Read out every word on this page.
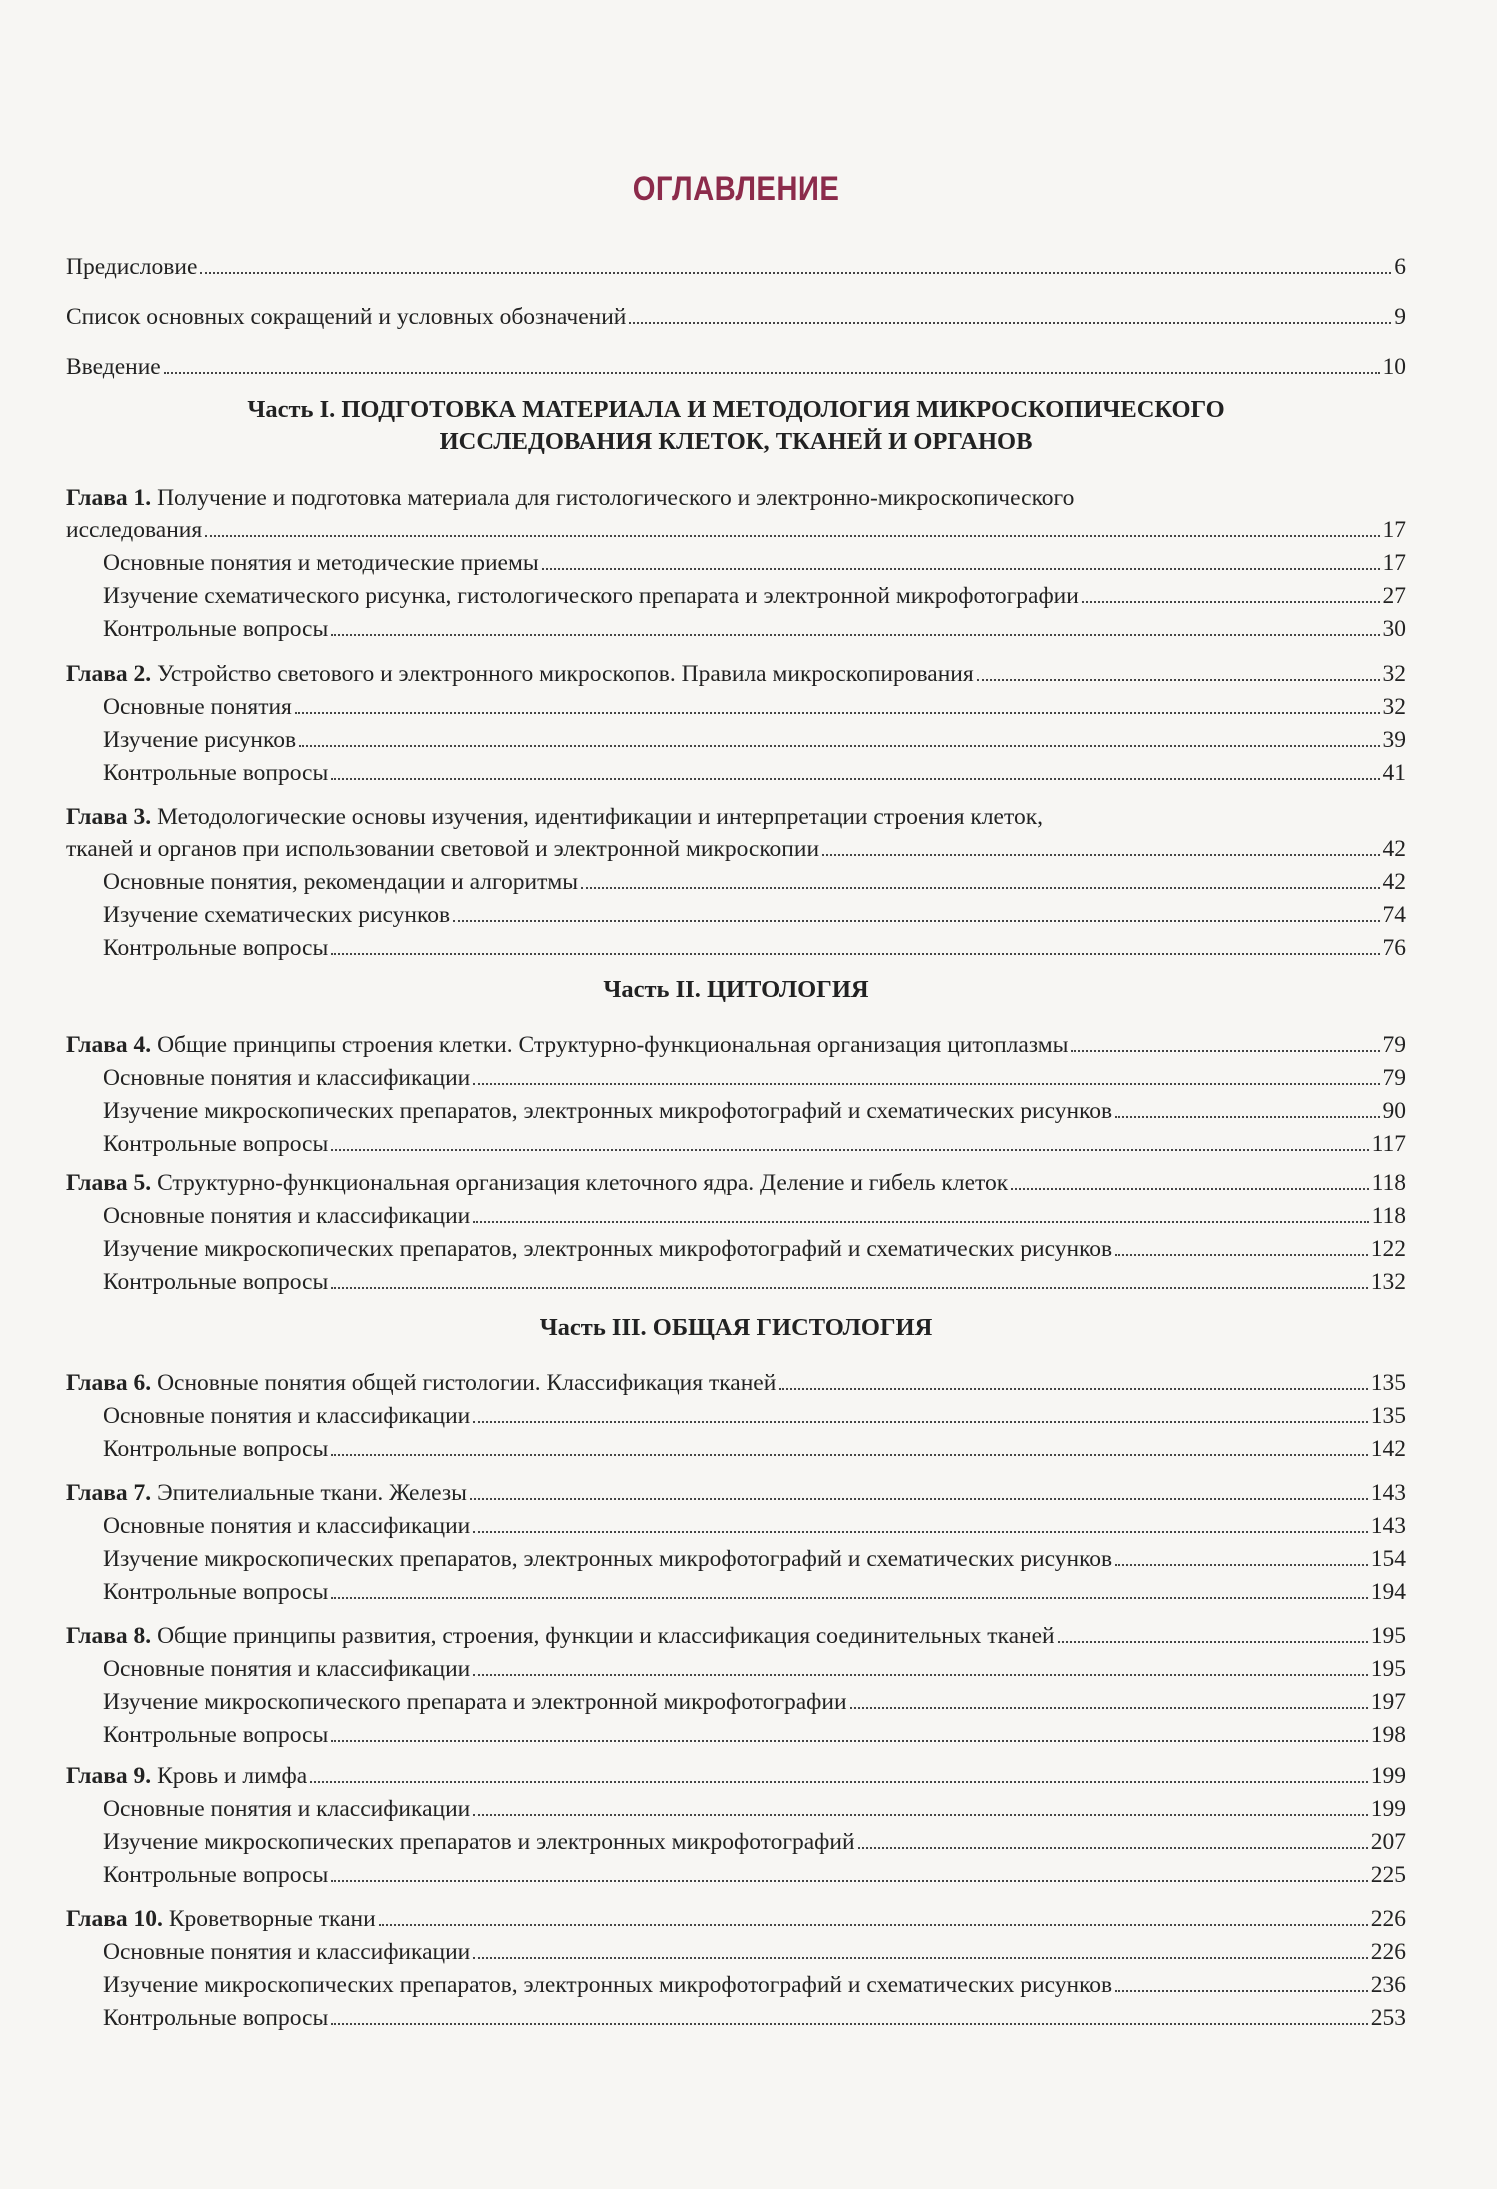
ОГЛАВЛЕНИЕ
Предисловие	6
Список основных сокращений и условных обозначений	9
Введение	10
Часть I. ПОДГОТОВКА МАТЕРИАЛА И МЕТОДОЛОГИЯ МИКРОСКОПИЧЕСКОГО
ИССЛЕДОВАНИЯ КЛЕТОК, ТКАНЕЙ И ОРГАНОВ
Глава 1. Получение и подготовка материала для гистологического и электронно-микроскопического
исследования	17
Основные понятия и методические приемы	17
Изучение схематического рисунка, гистологического препарата и электронной микрофотографии	27
Контрольные вопросы	30
Глава 2. Устройство светового и электронного микроскопов. Правила микроскопирования	32
Основные понятия	32
Изучение рисунков	39
Контрольные вопросы	41
Глава 3. Методологические основы изучения, идентификации и интерпретации строения клеток,
тканей и органов при использовании световой и электронной микроскопии	42
Основные понятия, рекомендации и алгоритмы	42
Изучение схематических рисунков	74
Контрольные вопросы	76
Часть II. ЦИТОЛОГИЯ
Глава 4. Общие принципы строения клетки. Структурно-функциональная организация цитоплазмы	79
Основные понятия и классификации	79
Изучение микроскопических препаратов, электронных микрофотографий и схематических рисунков	90
Контрольные вопросы	117
Глава 5. Структурно-функциональная организация клеточного ядра. Деление и гибель клеток	118
Основные понятия и классификации	118
Изучение микроскопических препаратов, электронных микрофотографий и схематических рисунков	122
Контрольные вопросы	132
Часть III. ОБЩАЯ ГИСТОЛОГИЯ
Глава 6. Основные понятия общей гистологии. Классификация тканей	135
Основные понятия и классификации	135
Контрольные вопросы	142
Глава 7. Эпителиальные ткани. Железы	143
Основные понятия и классификации	143
Изучение микроскопических препаратов, электронных микрофотографий и схематических рисунков	154
Контрольные вопросы	194
Глава 8. Общие принципы развития, строения, функции и классификация соединительных тканей	195
Основные понятия и классификации	195
Изучение микроскопического препарата и электронной микрофотографии	197
Контрольные вопросы	198
Глава 9. Кровь и лимфа	199
Основные понятия и классификации	199
Изучение микроскопических препаратов и электронных микрофотографий	207
Контрольные вопросы	225
Глава 10. Кроветворные ткани	226
Основные понятия и классификации	226
Изучение микроскопических препаратов, электронных микрофотографий и схематических рисунков	236
Контрольные вопросы	253
